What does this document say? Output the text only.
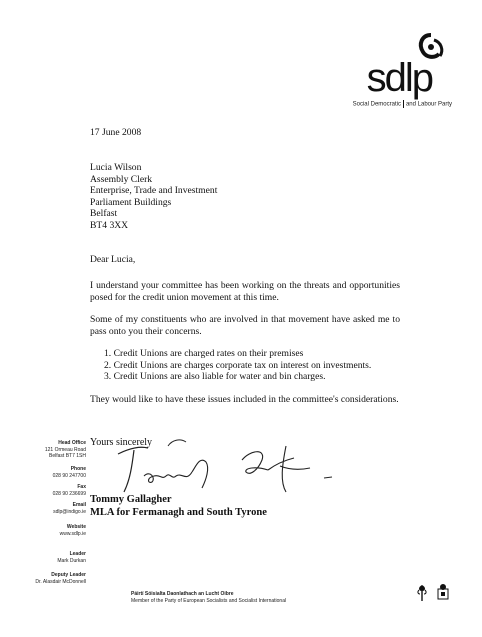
sdlp
Social Democratic and Labour Party
17 June 2008
Lucia Wilson
Assembly Clerk
Enterprise, Trade and Investment
Parliament Buildings
Belfast
BT4 3XX
Dear Lucia,
I understand your committee has been working on the threats and opportunities posed for the credit union movement at this time.
Some of my constituents who are involved in that movement have asked me to pass onto you their concerns.
1. Credit Unions are charged rates on their premises
2. Credit Unions are charges corporate tax on interest on investments.
3. Credit Unions are also liable for water and bin charges.
They would like to have these issues included in the committee's considerations.
Yours sincerely
Tommy Gallagher
MLA for Fermanagh and South Tyrone
Head Office
121 Ormeau Road
Belfast BT7 1SH
Phone
028 90 247700
Fax
028 90 236699
Email
sdlp@indigo.ie
Website
www.sdlp.ie
Leader
Mark Durkan
Deputy Leader
Dr. Alasdair McDonnell
Páirtí Sóisialta Daonlathach an Lucht Oibre
Member of the Party of European Socialists and Socialist International
